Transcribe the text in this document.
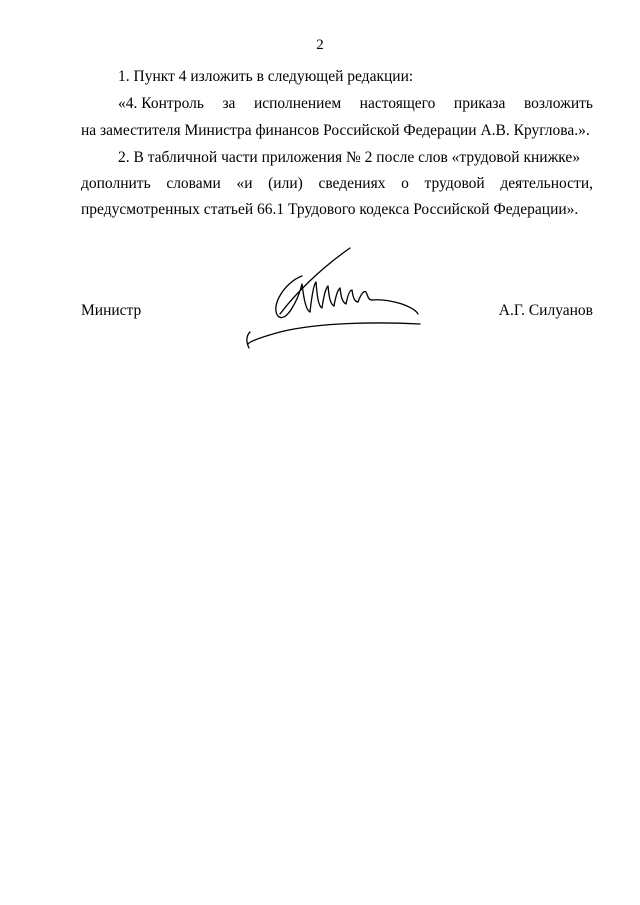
2
1. Пункт 4 изложить в следующей редакции:
«4. Контроль за исполнением настоящего приказа возложить
на заместителя Министра финансов Российской Федерации А.В. Круглова.».
2. В табличной части приложения № 2 после слов «трудовой книжке»
дополнить словами «и (или) сведениях о трудовой деятельности,
предусмотренных статьей 66.1 Трудового кодекса Российской Федерации».
Министр	А.Г. Силуанов
